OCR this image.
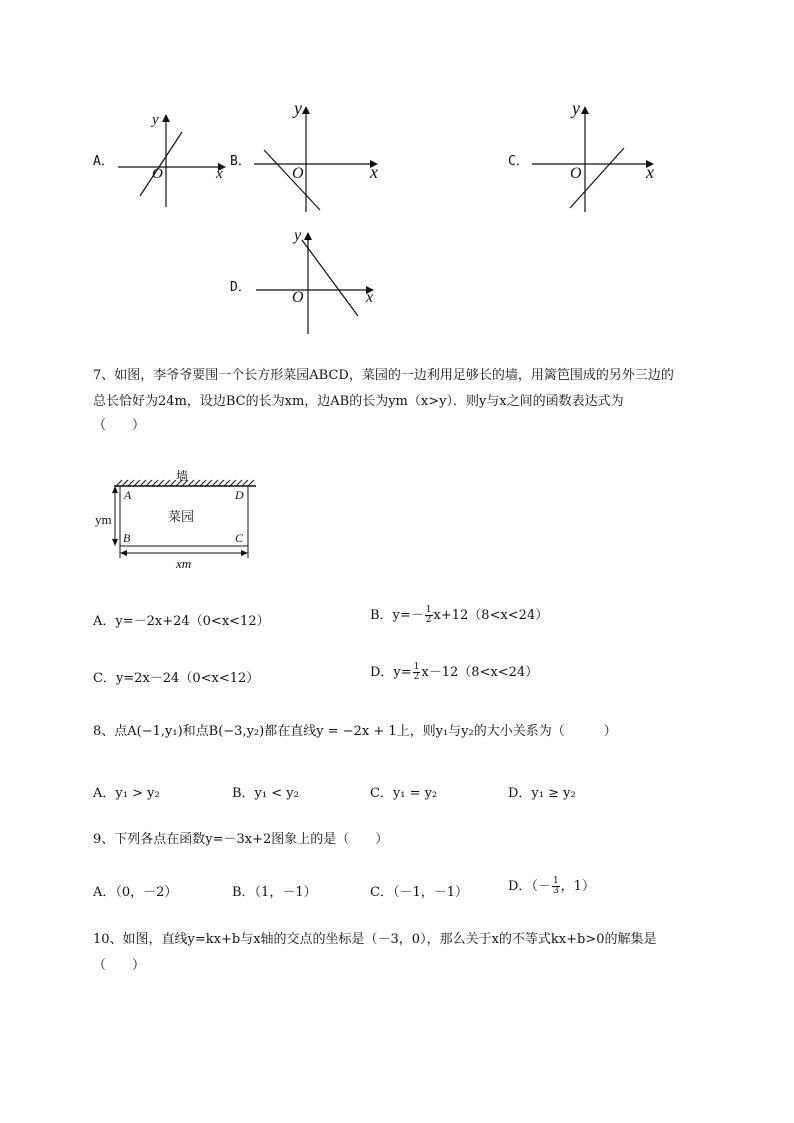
A．
x
y
O
B．
x
y
O
C．
x
y
O
D．
x
y
O
7、如图，李爷爷要围一个长方形菜园ABCD，菜园的一边利用足够长的墙，用篱笆围成的另外三边的
总长恰好为24m，设边BC的长为xm，边AB的长为ym（x>y）．则y与x之间的函数表达式为
（　　）
墙
A	D
B	C
菜园
ym
xm
A．y=－2x+24（0<x<12）	B．$y=- \frac{1}{2} x+12(8<x<24)$
C．y=2x－24（0<x<12）	D．$y= \frac{1}{2} x-12(8<x<24)$
8、点A(−1,y₁)和点B(−3,y₂)都在直线y = −2x + 1上，则y₁与y₂的大小关系为（　　　）
A．y₁ > y₂	B．y₁ < y₂	C．y₁ = y₂	D．y₁ ≥ y₂
9、下列各点在函数y=－3x+2图象上的是（　　）
A．（0，－2）	B．（1，－1）	C．（－1，－1）	D．（－ $\frac{1}{3}$ ，1）
10、如图，直线y=kx+b与x轴的交点的坐标是（－3，0），那么关于x的不等式kx+b>0的解集是
（　　）
